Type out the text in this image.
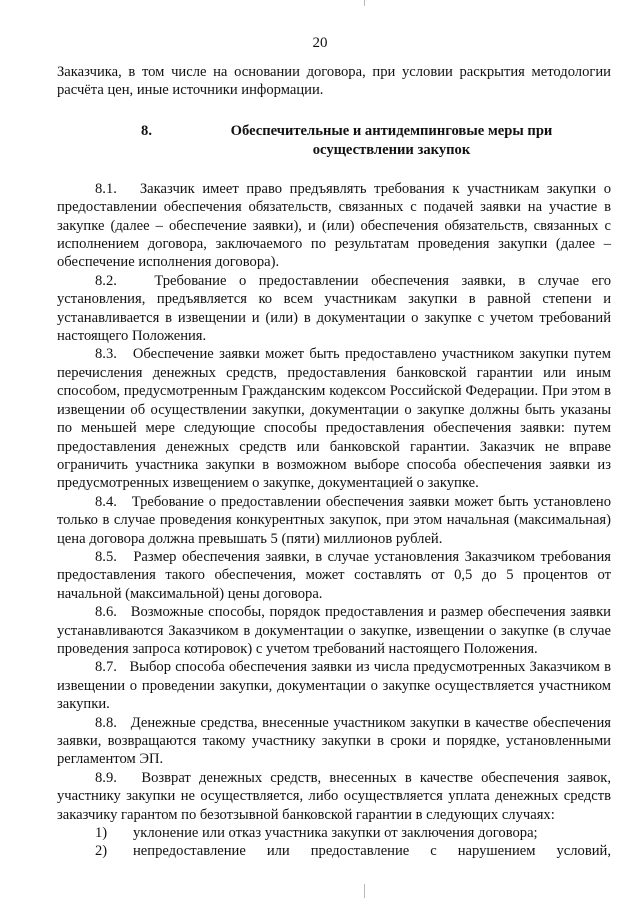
20

Заказчика, в том числе на основании договора, при условии раскрытия методологии расчёта цен, иные источники информации.

8.	Обеспечительные и антидемпинговые меры при осуществлении закупок

8.1.   Заказчик имеет право предъявлять требования к участникам закупки о предоставлении обеспечения обязательств, связанных с подачей заявки на участие в закупке (далее – обеспечение заявки), и (или) обеспечения обязательств, связанных с исполнением договора, заключаемого по результатам проведения закупки (далее – обеспечение исполнения договора).

8.2.   Требование о предоставлении обеспечения заявки, в случае его установления, предъявляется ко всем участникам закупки в равной степени и устанавливается в извещении и (или) в документации о закупке с учетом требований настоящего Положения.

8.3.   Обеспечение заявки может быть предоставлено участником закупки путем перечисления денежных средств, предоставления банковской гарантии или иным способом, предусмотренным Гражданским кодексом Российской Федерации. При этом в извещении об осуществлении закупки, документации о закупке должны быть указаны по меньшей мере следующие способы предоставления обеспечения заявки: путем предоставления денежных средств или банковской гарантии. Заказчик не вправе ограничить участника закупки в возможном выборе способа обеспечения заявки из предусмотренных извещением о закупке, документацией о закупке.

8.4.   Требование о предоставлении обеспечения заявки может быть установлено только в случае проведения конкурентных закупок, при этом начальная (максимальная) цена договора должна превышать 5 (пяти) миллионов рублей.

8.5.   Размер обеспечения заявки, в случае установления Заказчиком требования предоставления такого обеспечения, может составлять от 0,5 до 5 процентов от начальной (максимальной) цены договора.

8.6.   Возможные способы, порядок предоставления и размер обеспечения заявки устанавливаются Заказчиком в документации о закупке, извещении о закупке (в случае проведения запроса котировок) с учетом требований настоящего Положения.

8.7.   Выбор способа обеспечения заявки из числа предусмотренных Заказчиком в извещении о проведении закупки, документации о закупке осуществляется участником закупки.

8.8.   Денежные средства, внесенные участником закупки в качестве обеспечения заявки, возвращаются такому участнику закупки в сроки и порядке, установленными регламентом ЭП.

8.9.   Возврат денежных средств, внесенных в качестве обеспечения заявок, участнику закупки не осуществляется, либо осуществляется уплата денежных средств заказчику гарантом по безотзывной банковской гарантии в следующих случаях:

1)	уклонение или отказ участника закупки от заключения договора;
2)	непредоставление или предоставление с нарушением условий,
